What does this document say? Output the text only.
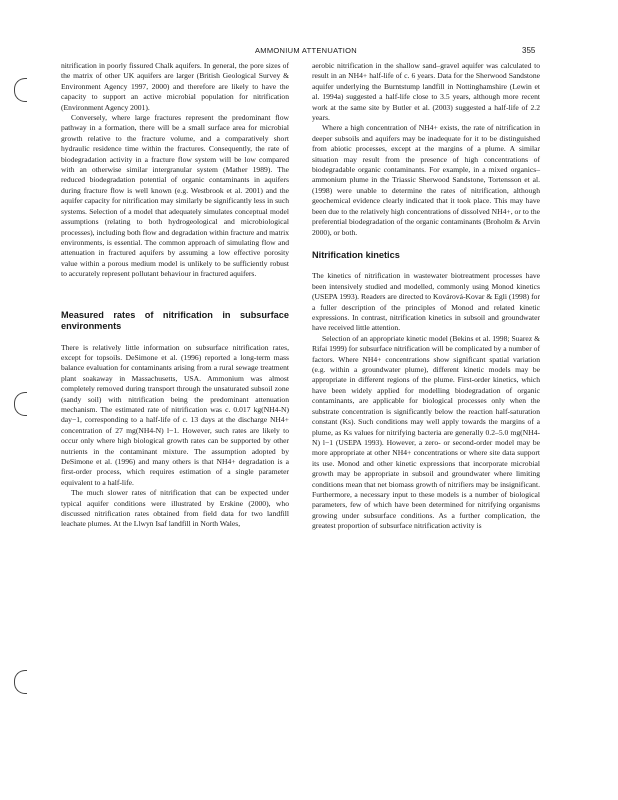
AMMONIUM ATTENUATION	355

nitrification in poorly fissured Chalk aquifers. In general, the pore sizes of the matrix of other UK aquifers are larger (British Geological Survey & Environment Agency 1997, 2000) and therefore are likely to have the capacity to support an active microbial population for nitrification (Environment Agency 2001).

Conversely, where large fractures represent the predominant flow pathway in a formation, there will be a small surface area for microbial growth relative to the fracture volume, and a comparatively short hydraulic residence time within the fractures. Consequently, the rate of biodegradation activity in a fracture flow system will be low compared with an otherwise similar intergranular system (Mather 1989). The reduced biodegradation potential of organic contaminants in aquifers during fracture flow is well known (e.g. Westbrook et al. 2001) and the aquifer capacity for nitrification may similarly be significantly less in such systems. Selection of a model that adequately simulates conceptual model assumptions (relating to both hydrogeological and microbiological processes), including both flow and degradation within fracture and matrix environments, is essential. The common approach of simulating flow and attenuation in fractured aquifers by assuming a low effective porosity value within a porous medium model is unlikely to be sufficiently robust to accurately represent pollutant behaviour in fractured aquifers.

Measured rates of nitrification in subsurface environments

There is relatively little information on subsurface nitrification rates, except for topsoils. DeSimone et al. (1996) reported a long-term mass balance evaluation for contaminants arising from a rural sewage treatment plant soakaway in Massachusetts, USA. Ammonium was almost completely removed during transport through the unsaturated subsoil zone (sandy soil) with nitrification being the predominant attenuation mechanism. The estimated rate of nitrification was c. 0.017 kg(NH4-N) day−1, corresponding to a half-life of c. 13 days at the discharge NH4+ concentration of 27 mg(NH4-N) l−1. However, such rates are likely to occur only where high biological growth rates can be supported by other nutrients in the contaminant mixture. The assumption adopted by DeSimone et al. (1996) and many others is that NH4+ degradation is a first-order process, which requires estimation of a single parameter equivalent to a half-life.

The much slower rates of nitrification that can be expected under typical aquifer conditions were illustrated by Erskine (2000), who discussed nitrification rates obtained from field data for two landfill leachate plumes. At the Llwyn Isaf landfill in North Wales,

aerobic nitrification in the shallow sand–gravel aquifer was calculated to result in an NH4+ half-life of c. 6 years. Data for the Sherwood Sandstone aquifer underlying the Burntstump landfill in Nottinghamshire (Lewin et al. 1994a) suggested a half-life close to 3.5 years, although more recent work at the same site by Butler et al. (2003) suggested a half-life of 2.2 years.

Where a high concentration of NH4+ exists, the rate of nitrification in deeper subsoils and aquifers may be inadequate for it to be distinguished from abiotic processes, except at the margins of a plume. A similar situation may result from the presence of high concentrations of biodegradable organic contaminants. For example, in a mixed organics–ammonium plume in the Triassic Sherwood Sandstone, Tortensson et al. (1998) were unable to determine the rates of nitrification, although geochemical evidence clearly indicated that it took place. This may have been due to the relatively high concentrations of dissolved NH4+, or to the preferential biodegradation of the organic contaminants (Broholm & Arvin 2000), or both.

Nitrification kinetics

The kinetics of nitrification in wastewater biotreatment processes have been intensively studied and modelled, commonly using Monod kinetics (USEPA 1993). Readers are directed to Kovárová-Kovar & Egli (1998) for a fuller description of the principles of Monod and related kinetic expressions. In contrast, nitrification kinetics in subsoil and groundwater have received little attention.

Selection of an appropriate kinetic model (Bekins et al. 1998; Suarez & Rifai 1999) for subsurface nitrification will be complicated by a number of factors. Where NH4+ concentrations show significant spatial variation (e.g. within a groundwater plume), different kinetic models may be appropriate in different regions of the plume. First-order kinetics, which have been widely applied for modelling biodegradation of organic contaminants, are applicable for biological processes only when the substrate concentration is significantly below the reaction half-saturation constant (Ks). Such conditions may well apply towards the margins of a plume, as Ks values for nitrifying bacteria are generally 0.2–5.0 mg(NH4-N) l−1 (USEPA 1993). However, a zero- or second-order model may be more appropriate at other NH4+ concentrations or where site data support its use. Monod and other kinetic expressions that incorporate microbial growth may be appropriate in subsoil and groundwater where limiting conditions mean that net biomass growth of nitrifiers may be insignificant. Furthermore, a necessary input to these models is a number of biological parameters, few of which have been determined for nitrifying organisms growing under subsurface conditions. As a further complication, the greatest proportion of subsurface nitrification activity is
